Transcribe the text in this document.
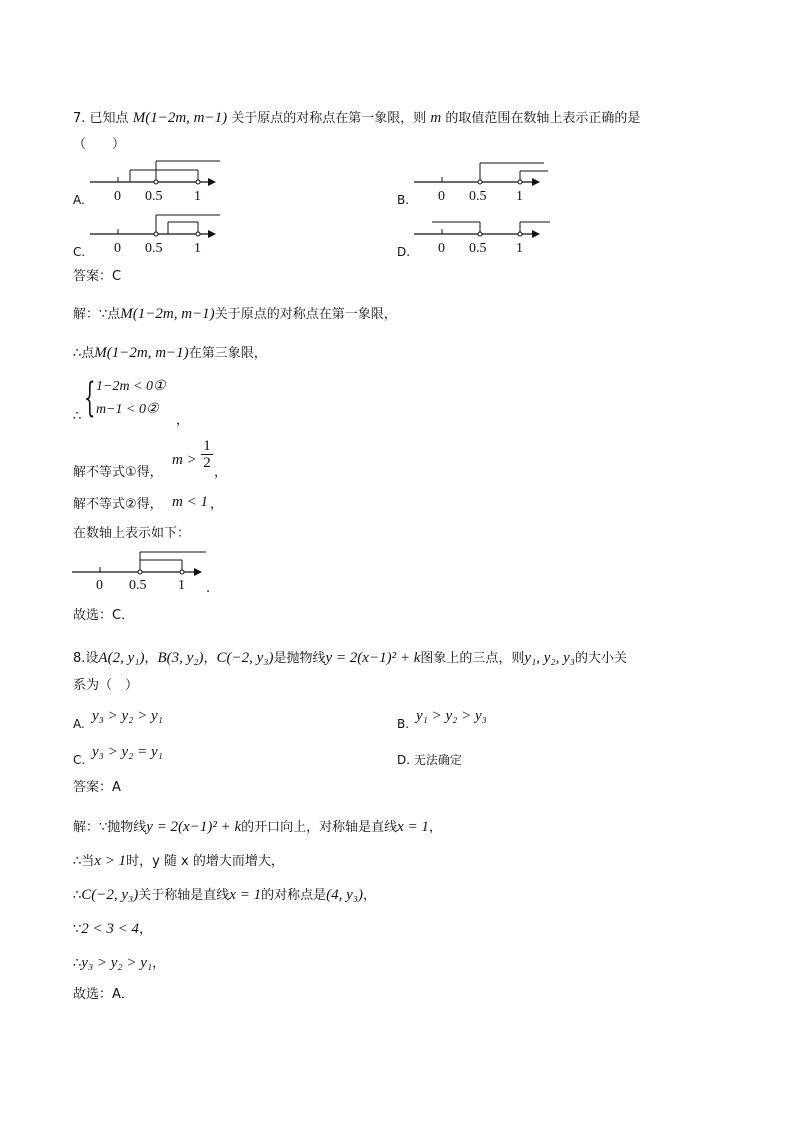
7. 已知点 M(1−2m, m−1) 关于原点的对称点在第一象限，则 m 的取值范围在数轴上表示正确的是
（　　）
A. 0 0.5 1	B. 0 0.5 1
C. 0 0.5 1	D. 0 0.5 1
答案：C
解：∵点M(1−2m, m−1)关于原点的对称点在第一象限，
∴点M(1−2m, m−1)在第三象限，
∴ { 1−2m < 0①
m−1 < 0②
，
解不等式①得，
m >
1
2
，
解不等式②得， m < 1 ，
在数轴上表示如下：
0 0.5 1 .
故选：C．
8.设A(2, y₁)，B(3, y₂)，C(−2, y₃)是抛物线y = 2(x−1)² + k图象上的三点，则y₁, y₂, y₃的大小关
系为（　）
A. y₃ > y₂ > y₁	B. y₁ > y₂ > y₃
C. y₃ > y₂ = y₁	D. 无法确定
答案：A
解：∵抛物线y = 2(x−1)² + k的开口向上，对称轴是直线x = 1，
∴当x > 1时，y 随 x 的增大而增大，
∴C(−2, y₃)关于称轴是直线x = 1的对称点是(4, y₃)，
∵2 < 3 < 4，
∴y₃ > y₂ > y₁，
故选：A．
